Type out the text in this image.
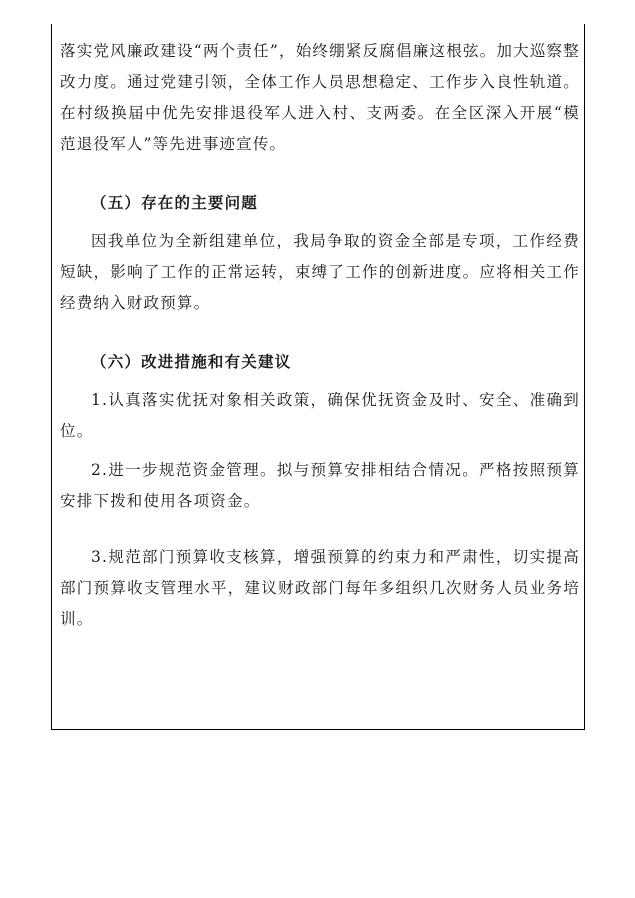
落实党风廉政建设“两个责任”，始终绷紧反腐倡廉这根弦。加大巡察整改力度。通过党建引领，全体工作人员思想稳定、工作步入良性轨道。在村级换届中优先安排退役军人进入村、支两委。在全区深入开展“模范退役军人”等先进事迹宣传。

（五）存在的主要问题

因我单位为全新组建单位，我局争取的资金全部是专项，工作经费短缺，影响了工作的正常运转，束缚了工作的创新进度。应将相关工作经费纳入财政预算。

（六）改进措施和有关建议

1.认真落实优抚对象相关政策，确保优抚资金及时、安全、准确到位。

2.进一步规范资金管理。拟与预算安排相结合情况。严格按照预算安排下拨和使用各项资金。

3.规范部门预算收支核算，增强预算的约束力和严肃性，切实提高部门预算收支管理水平，建议财政部门每年多组织几次财务人员业务培训。
